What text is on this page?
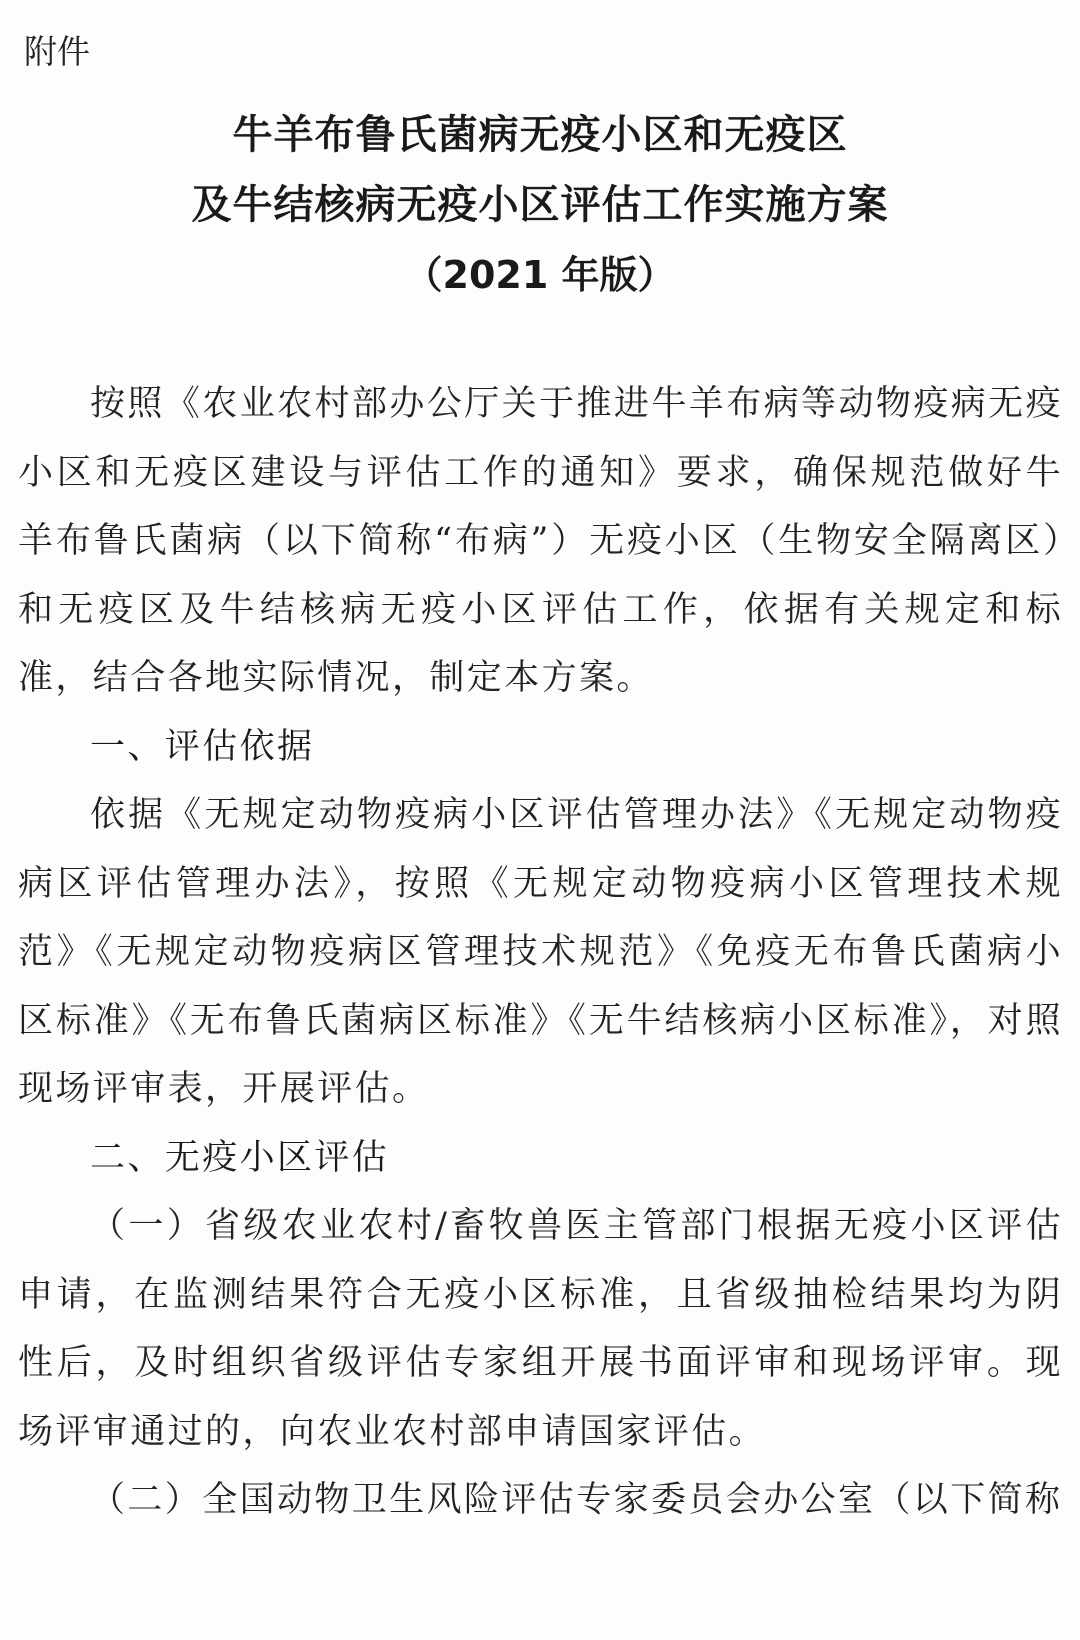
附件
牛羊布鲁氏菌病无疫小区和无疫区
及牛结核病无疫小区评估工作实施方案
（2021 年版）

按照《农业农村部办公厅关于推进牛羊布病等动物疫病无疫小区和无疫区建设与评估工作的通知》要求，确保规范做好牛羊布鲁氏菌病（以下简称“布病”）无疫小区（生物安全隔离区）和无疫区及牛结核病无疫小区评估工作，依据有关规定和标准，结合各地实际情况，制定本方案。

一、评估依据

依据《无规定动物疫病小区评估管理办法》《无规定动物疫病区评估管理办法》，按照《无规定动物疫病小区管理技术规范》《无规定动物疫病区管理技术规范》《免疫无布鲁氏菌病小区标准》《无布鲁氏菌病区标准》《无牛结核病小区标准》，对照现场评审表，开展评估。

二、无疫小区评估

（一）省级农业农村/畜牧兽医主管部门根据无疫小区评估申请，在监测结果符合无疫小区标准，且省级抽检结果均为阴性后，及时组织省级评估专家组开展书面评审和现场评审。现场评审通过的，向农业农村部申请国家评估。

（二）全国动物卫生风险评估专家委员会办公室（以下简称
